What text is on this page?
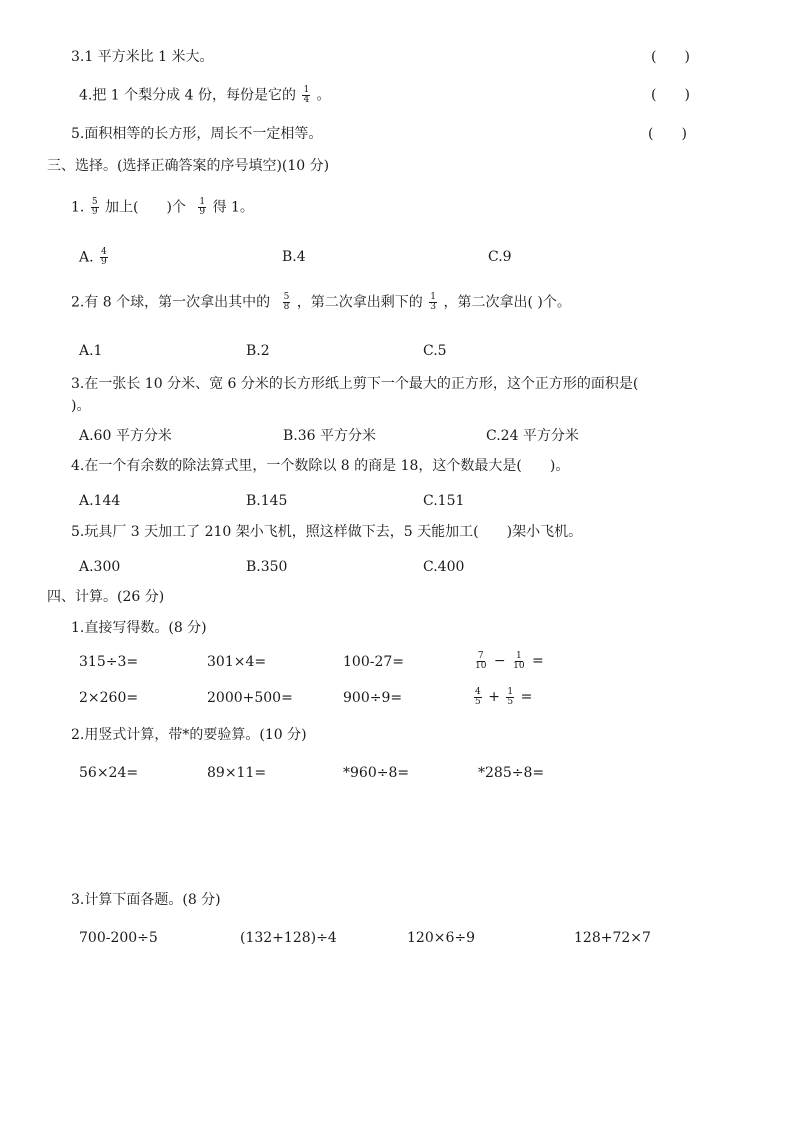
3.1 平方米比 1 米大。	(　　)
4.把 1 个梨分成 4 份，每份是它的 $\frac{1}{4}$ 。	(　　)
5.面积相等的长方形，周长不一定相等。	(　　)
三、选择。(选择正确答案的序号填空)(10 分)
1. $\frac{5}{9}$ 加上(　　)个 $\frac{1}{9}$ 得 1。
A. $\frac{4}{9}$	B.4	C.9
2.有 8 个球，第一次拿出其中的 $\frac{5}{8}$ ，第二次拿出剩下的 $\frac{1}{3}$ ，第二次拿出( )个。
A.1	B.2	C.5
3.在一张长 10 分米、宽 6 分米的长方形纸上剪下一个最大的正方形，这个正方形的面积是(
)。
A.60 平方分米	B.36 平方分米	C.24 平方分米
4.在一个有余数的除法算式里，一个数除以 8 的商是 18，这个数最大是(　　)。
A.144	B.145	C.151
5.玩具厂 3 天加工了 210 架小飞机，照这样做下去，5 天能加工(　　)架小飞机。
A.300	B.350	C.400
四、计算。(26 分)
1.直接写得数。(8 分)
315÷3=	301×4=	100-27=	$\frac{7}{10} - \frac{1}{10}$ =
2×260=	2000+500=	900÷9=	$\frac{4}{5} + \frac{1}{5}$ =
2.用竖式计算，带*的要验算。(10 分)
56×24=	89×11=	*960÷8=	*285÷8=
3.计算下面各题。(8 分)
700-200÷5	(132+128)÷4	120×6÷9	128+72×7
